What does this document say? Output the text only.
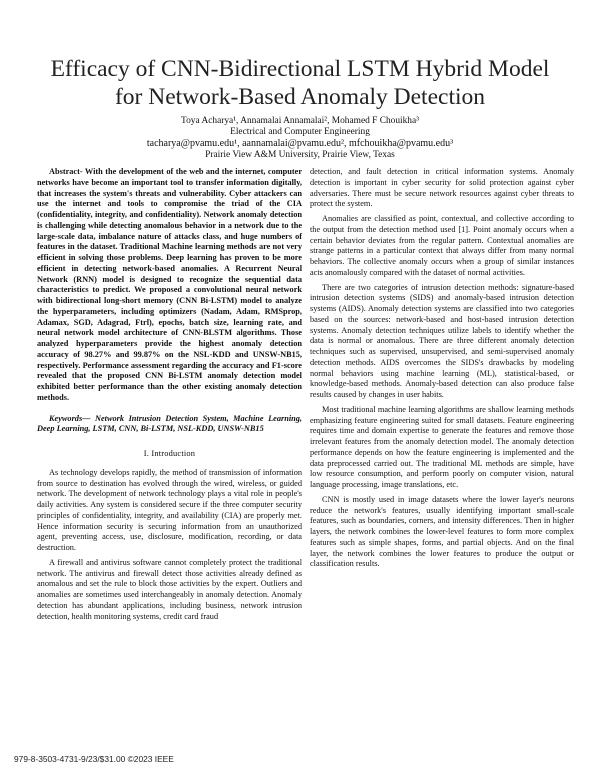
Efficacy of CNN-Bidirectional LSTM Hybrid Model
for Network-Based Anomaly Detection
Toya Acharya¹, Annamalai Annamalai², Mohamed F Chouikha³
Electrical and Computer Engineering
tacharya@pvamu.edu¹, aannamalai@pvamu.edu², mfchouikha@pvamu.edu³
Prairie View A&M University, Prairie View, Texas

Abstract- With the development of the web and the internet, computer networks have become an important tool to transfer information digitally, that increases the system's threats and vulnerability. Cyber attackers can use the internet and tools to compromise the triad of the CIA (confidentiality, integrity, and confidentiality). Network anomaly detection is challenging while detecting anomalous behavior in a network due to the large-scale data, imbalance nature of attacks class, and huge numbers of features in the dataset. Traditional Machine learning methods are not very efficient in solving those problems. Deep learning has proven to be more efficient in detecting network-based anomalies. A Recurrent Neural Network (RNN) model is designed to recognize the sequential data characteristics to predict. We proposed a convolutional neural network with bidirectional long-short memory (CNN Bi-LSTM) model to analyze the hyperparameters, including optimizers (Nadam, Adam, RMSprop, Adamax, SGD, Adagrad, Ftrl), epochs, batch size, learning rate, and neural network model architecture of CNN-BLSTM algorithms. Those analyzed hyperparameters provide the highest anomaly detection accuracy of 98.27% and 99.87% on the NSL-KDD and UNSW-NB15, respectively. Performance assessment regarding the accuracy and F1-score revealed that the proposed CNN Bi-LSTM anomaly detection model exhibited better performance than the other existing anomaly detection methods.

Keywords— Network Intrusion Detection System, Machine Learning, Deep Learning, LSTM, CNN, Bi-LSTM, NSL-KDD, UNSW-NB15

I. Introduction

As technology develops rapidly, the method of transmission of information from source to destination has evolved through the wired, wireless, or guided network. The development of network technology plays a vital role in people's daily activities. Any system is considered secure if the three computer security principles of confidentiality, integrity, and availability (CIA) are properly met. Hence information security is securing information from an unauthorized agent, preventing access, use, disclosure, modification, recording, or data destruction.

A firewall and antivirus software cannot completely protect the traditional network. The antivirus and firewall detect those activities already defined as anomalous and set the rule to block those activities by the expert. Outliers and anomalies are sometimes used interchangeably in anomaly detection. Anomaly detection has abundant applications, including business, network intrusion detection, health monitoring systems, credit card fraud

detection, and fault detection in critical information systems. Anomaly detection is important in cyber security for solid protection against cyber adversaries. There must be secure network resources against cyber threats to protect the system.

Anomalies are classified as point, contextual, and collective according to the output from the detection method used [1]. Point anomaly occurs when a certain behavior deviates from the regular pattern. Contextual anomalies are strange patterns in a particular context that always differ from many normal behaviors. The collective anomaly occurs when a group of similar instances acts anomalously compared with the dataset of normal activities.

There are two categories of intrusion detection methods: signature-based intrusion detection systems (SIDS) and anomaly-based intrusion detection systems (AIDS). Anomaly detection systems are classified into two categories based on the sources: network-based and host-based intrusion detection systems. Anomaly detection techniques utilize labels to identify whether the data is normal or anomalous. There are three different anomaly detection techniques such as supervised, unsupervised, and semi-supervised anomaly detection methods. AIDS overcomes the SIDS's drawbacks by modeling normal behaviors using machine learning (ML), statistical-based, or knowledge-based methods. Anomaly-based detection can also produce false results caused by changes in user habits.

Most traditional machine learning algorithms are shallow learning methods emphasizing feature engineering suited for small datasets. Feature engineering requires time and domain expertise to generate the features and remove those irrelevant features from the anomaly detection model. The anomaly detection performance depends on how the feature engineering is implemented and the data preprocessed carried out. The traditional ML methods are simple, have low resource consumption, and perform poorly on computer vision, natural language processing, image translations, etc.

CNN is mostly used in image datasets where the lower layer's neurons reduce the network's features, usually identifying important small-scale features, such as boundaries, corners, and intensity differences. Then in higher layers, the network combines the lower-level features to form more complex features such as simple shapes, forms, and partial objects. And on the final layer, the network combines the lower features to produce the output or classification results.

979-8-3503-4731-9/23/$31.00 ©2023 IEEE
